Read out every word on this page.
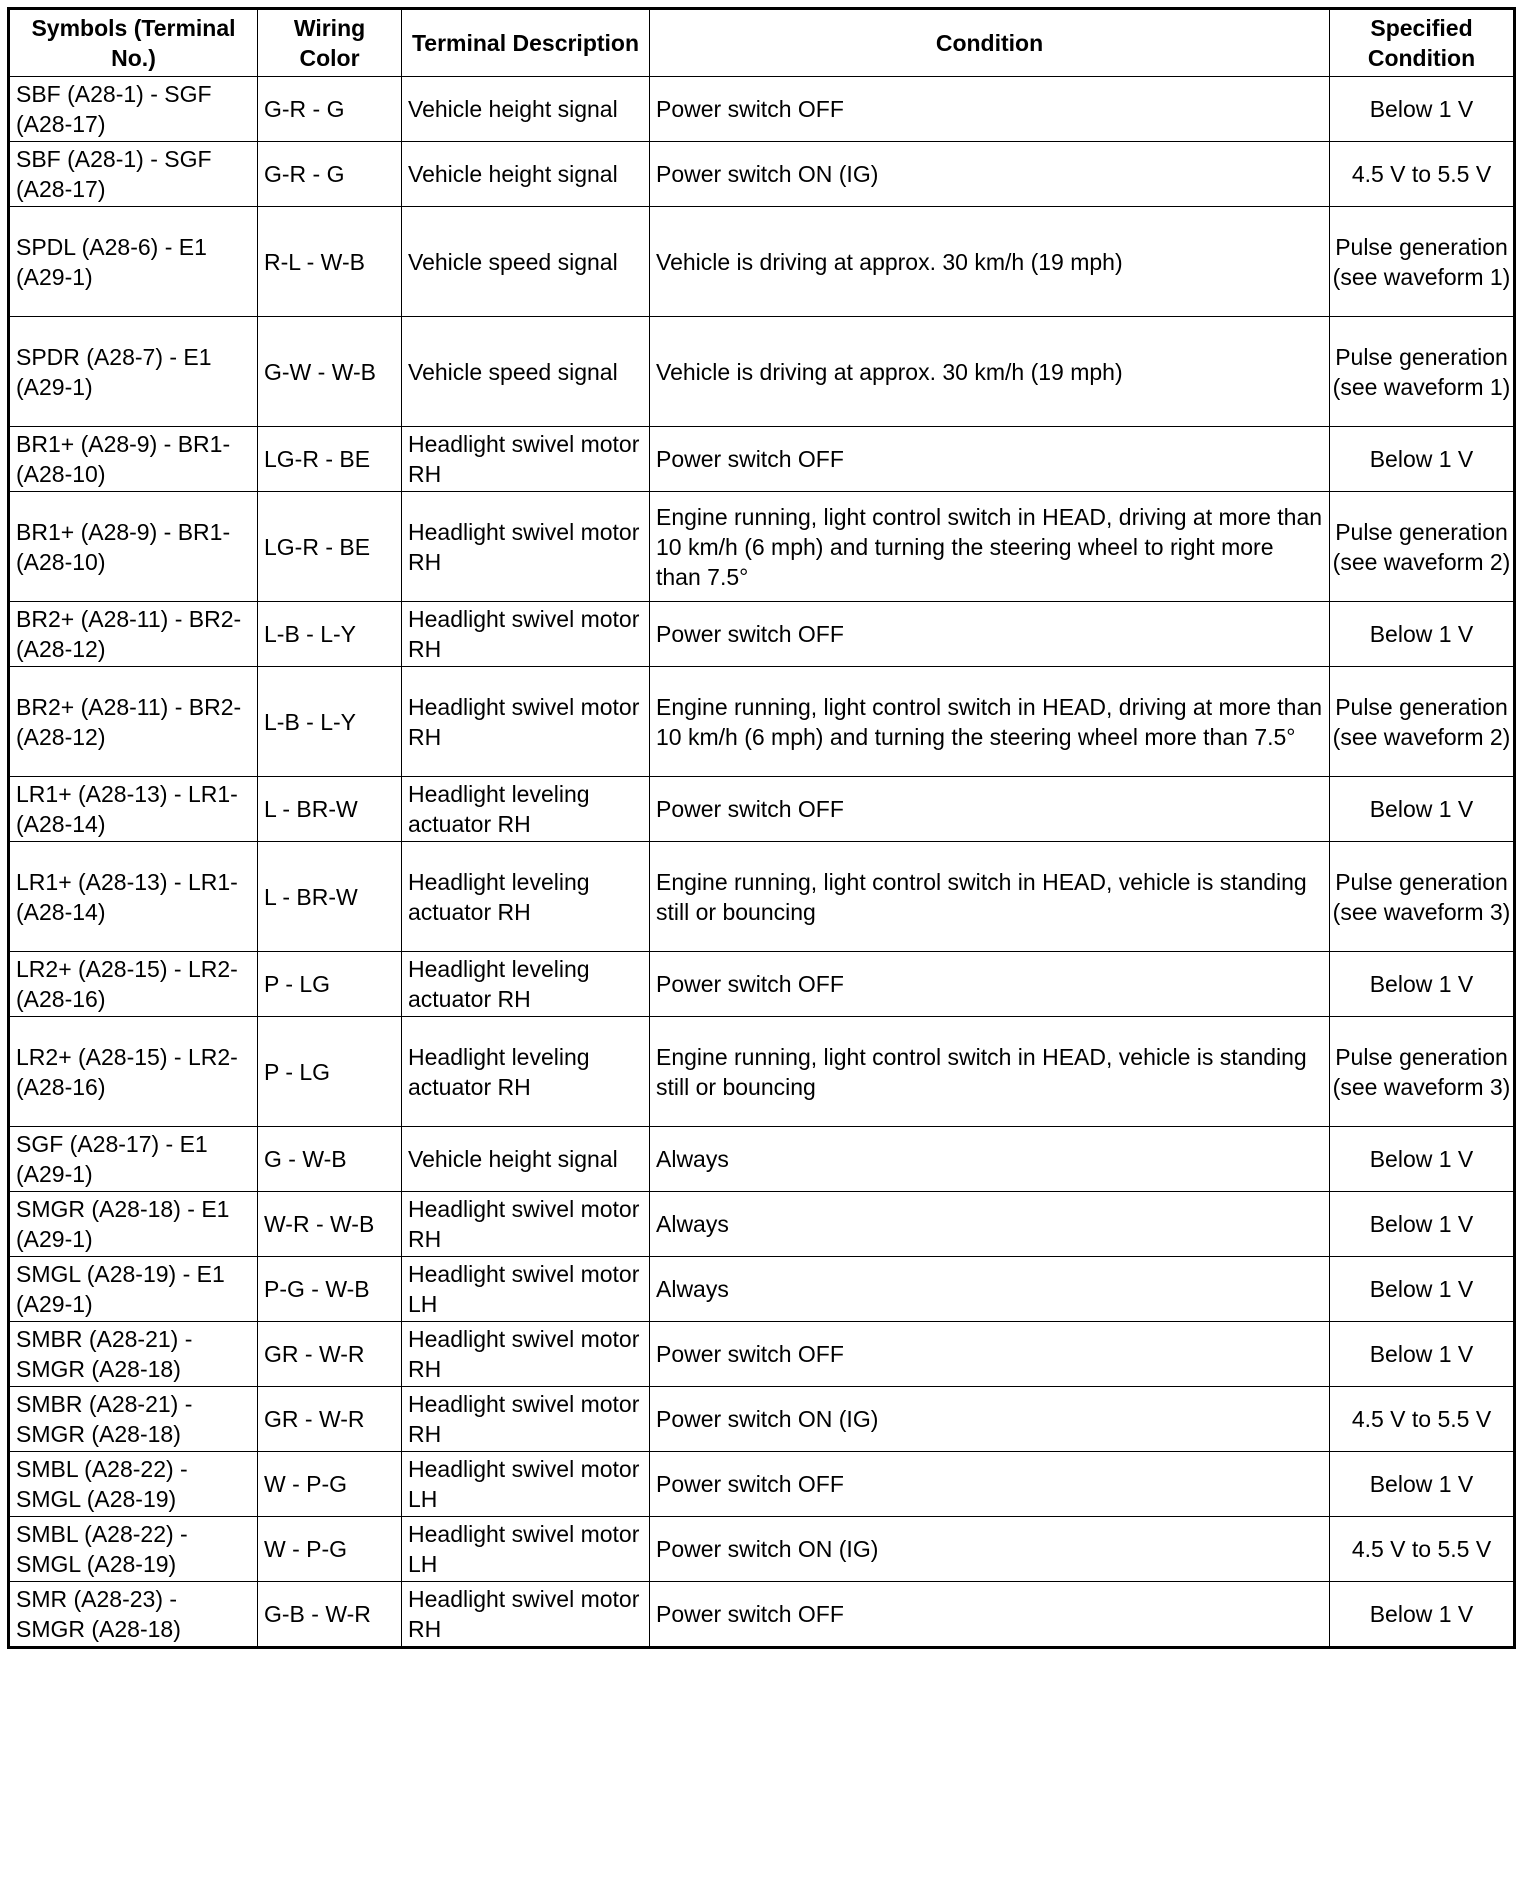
Symbols (Terminal No.)	Wiring Color	Terminal Description	Condition	Specified Condition
SBF (A28-1) - SGF (A28-17)	G-R - G	Vehicle height signal	Power switch OFF	Below 1 V
SBF (A28-1) - SGF (A28-17)	G-R - G	Vehicle height signal	Power switch ON (IG)	4.5 V to 5.5 V
SPDL (A28-6) - E1 (A29-1)	R-L - W-B	Vehicle speed signal	Vehicle is driving at approx. 30 km/h (19 mph)	Pulse generation (see waveform 1)
SPDR (A28-7) - E1 (A29-1)	G-W - W-B	Vehicle speed signal	Vehicle is driving at approx. 30 km/h (19 mph)	Pulse generation (see waveform 1)
BR1+ (A28-9) - BR1- (A28-10)	LG-R - BE	Headlight swivel motor RH	Power switch OFF	Below 1 V
BR1+ (A28-9) - BR1- (A28-10)	LG-R - BE	Headlight swivel motor RH	Engine running, light control switch in HEAD, driving at more than 10 km/h (6 mph) and turning the steering wheel to right more than 7.5°	Pulse generation (see waveform 2)
BR2+ (A28-11) - BR2- (A28-12)	L-B - L-Y	Headlight swivel motor RH	Power switch OFF	Below 1 V
BR2+ (A28-11) - BR2- (A28-12)	L-B - L-Y	Headlight swivel motor RH	Engine running, light control switch in HEAD, driving at more than 10 km/h (6 mph) and turning the steering wheel more than 7.5°	Pulse generation (see waveform 2)
LR1+ (A28-13) - LR1- (A28-14)	L - BR-W	Headlight leveling actuator RH	Power switch OFF	Below 1 V
LR1+ (A28-13) - LR1- (A28-14)	L - BR-W	Headlight leveling actuator RH	Engine running, light control switch in HEAD, vehicle is standing still or bouncing	Pulse generation (see waveform 3)
LR2+ (A28-15) - LR2- (A28-16)	P - LG	Headlight leveling actuator RH	Power switch OFF	Below 1 V
LR2+ (A28-15) - LR2- (A28-16)	P - LG	Headlight leveling actuator RH	Engine running, light control switch in HEAD, vehicle is standing still or bouncing	Pulse generation (see waveform 3)
SGF (A28-17) - E1 (A29-1)	G - W-B	Vehicle height signal	Always	Below 1 V
SMGR (A28-18) - E1 (A29-1)	W-R - W-B	Headlight swivel motor RH	Always	Below 1 V
SMGL (A28-19) - E1 (A29-1)	P-G - W-B	Headlight swivel motor LH	Always	Below 1 V
SMBR (A28-21) - SMGR (A28-18)	GR - W-R	Headlight swivel motor RH	Power switch OFF	Below 1 V
SMBR (A28-21) - SMGR (A28-18)	GR - W-R	Headlight swivel motor RH	Power switch ON (IG)	4.5 V to 5.5 V
SMBL (A28-22) - SMGL (A28-19)	W - P-G	Headlight swivel motor LH	Power switch OFF	Below 1 V
SMBL (A28-22) - SMGL (A28-19)	W - P-G	Headlight swivel motor LH	Power switch ON (IG)	4.5 V to 5.5 V
SMR (A28-23) - SMGR (A28-18)	G-B - W-R	Headlight swivel motor RH	Power switch OFF	Below 1 V
